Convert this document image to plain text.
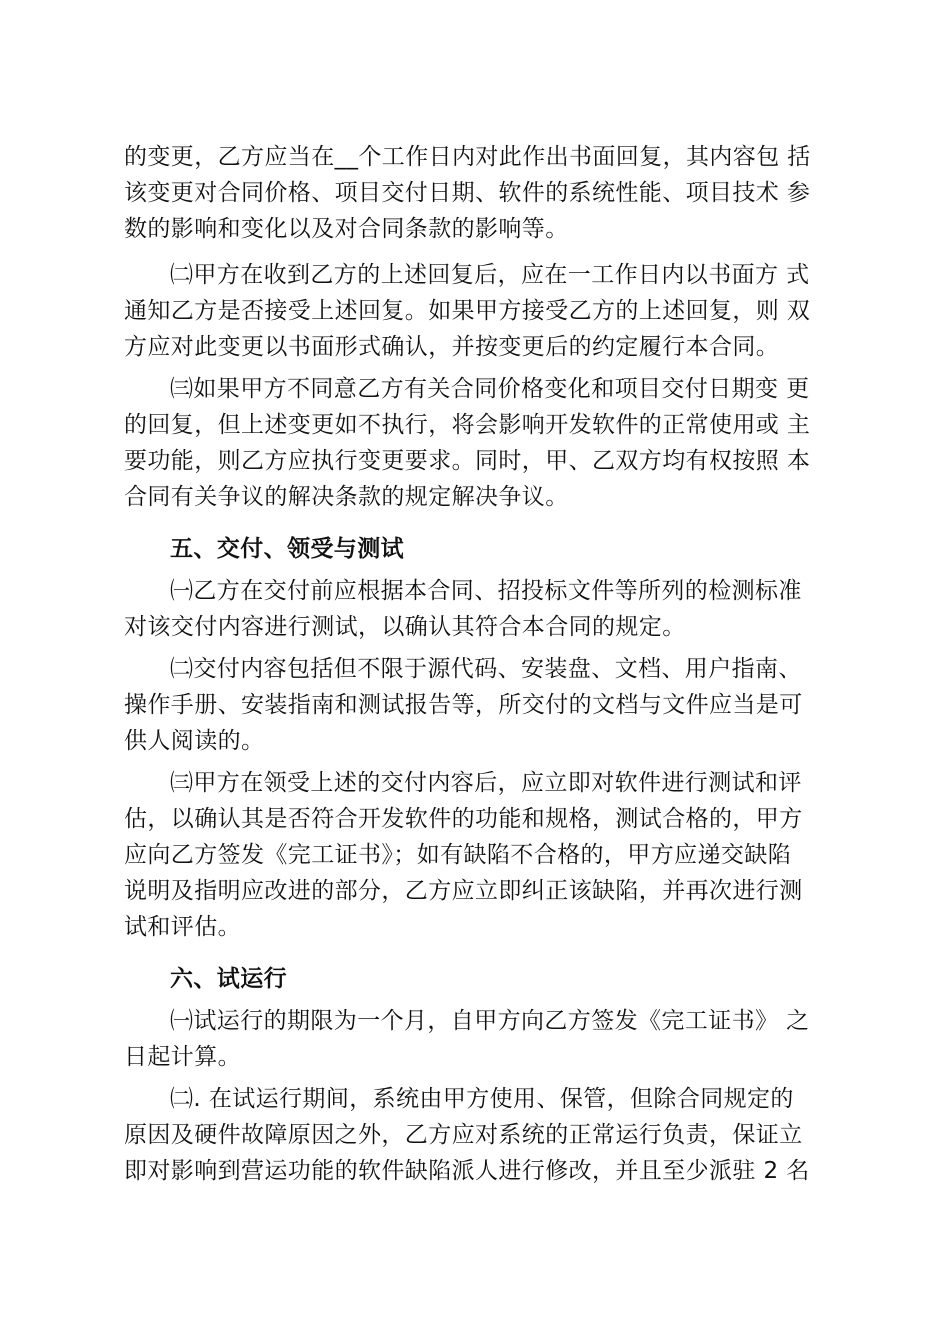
的变更，乙方应当在__个工作日内对此作出书面回复，其内容包 括
该变更对合同价格、项目交付日期、软件的系统性能、项目技术 参
数的影响和变化以及对合同条款的影响等。
㈡甲方在收到乙方的上述回复后，应在一工作日内以书面方 式
通知乙方是否接受上述回复。如果甲方接受乙方的上述回复，则 双
方应对此变更以书面形式确认，并按变更后的约定履行本合同。
㈢如果甲方不同意乙方有关合同价格变化和项目交付日期变 更
的回复，但上述变更如不执行，将会影响开发软件的正常使用或 主
要功能，则乙方应执行变更要求。同时，甲、乙双方均有权按照 本
合同有关争议的解决条款的规定解决争议。
五、交付、领受与测试
㈠乙方在交付前应根据本合同、招投标文件等所列的检测标准
对该交付内容进行测试，以确认其符合本合同的规定。
㈡交付内容包括但不限于源代码、安装盘、文档、用户指南、
操作手册、安装指南和测试报告等，所交付的文档与文件应当是可
供人阅读的。
㈢甲方在领受上述的交付内容后，应立即对软件进行测试和评
估，以确认其是否符合开发软件的功能和规格，测试合格的，甲方
应向乙方签发《完工证书》；如有缺陷不合格的，甲方应递交缺陷
说明及指明应改进的部分，乙方应立即纠正该缺陷，并再次进行测
试和评估。
六、试运行
㈠试运行的期限为一个月，自甲方向乙方签发《完工证书》 之
日起计算。
㈡. 在试运行期间，系统由甲方使用、保管，但除合同规定的
原因及硬件故障原因之外，乙方应对系统的正常运行负责，保证立
即对影响到营运功能的软件缺陷派人进行修改，并且至少派驻 2 名
